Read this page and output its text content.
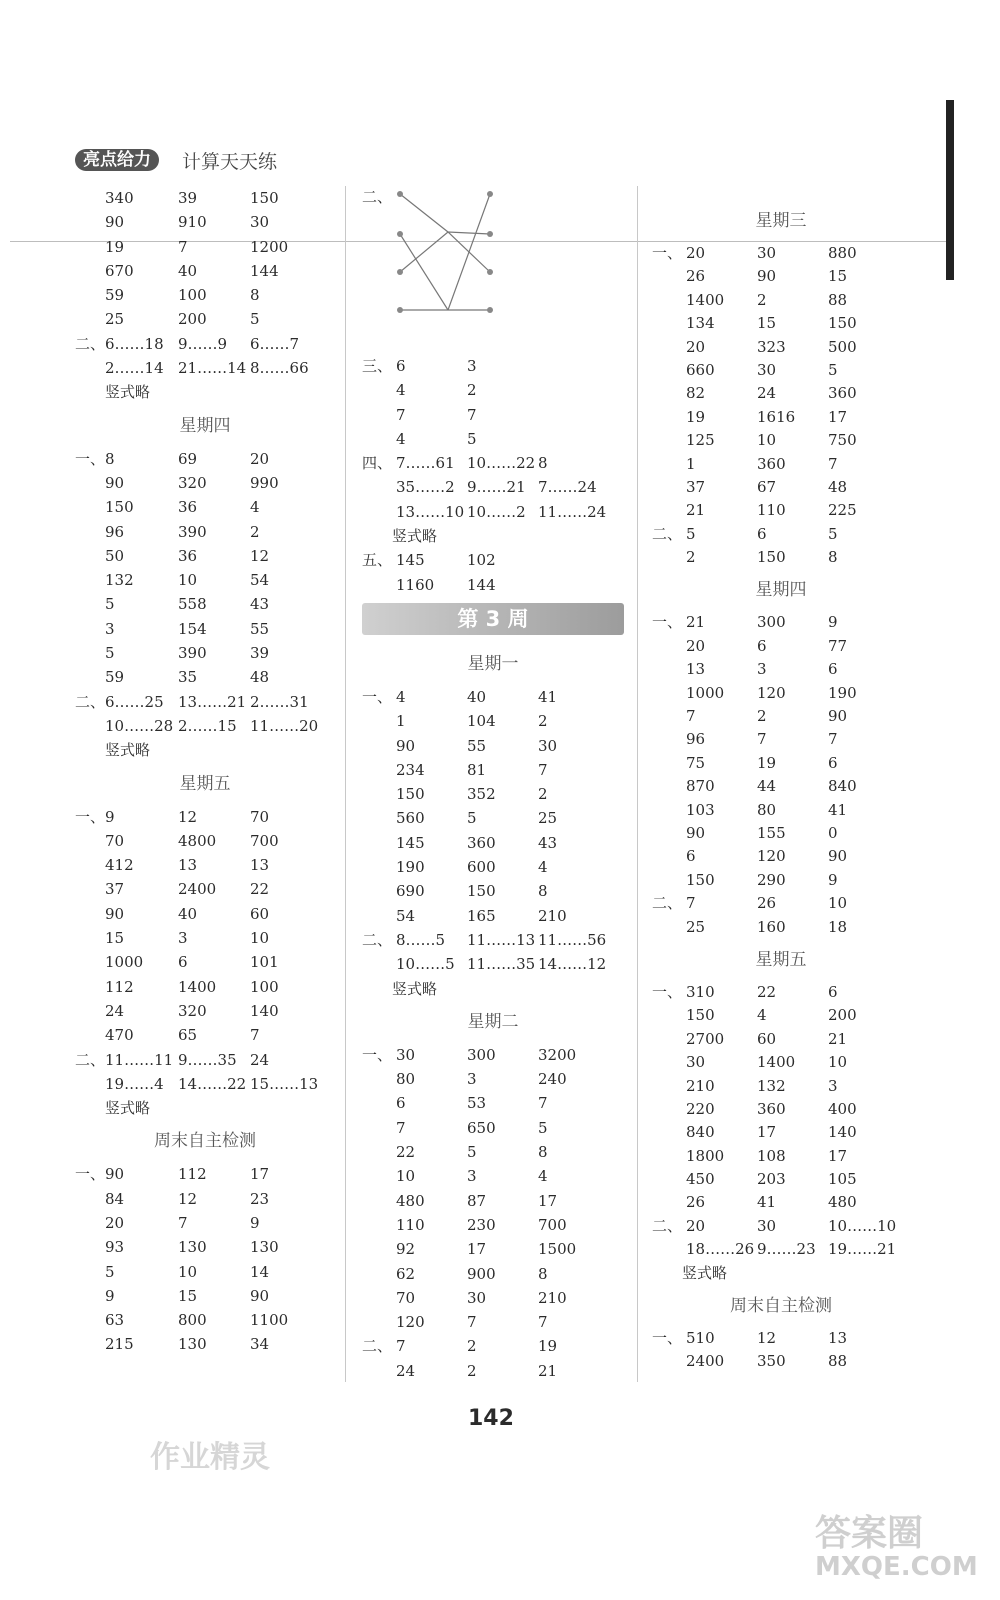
亮点给力	计算天天练
340	39	150
90	910	30
19	7	1200
670	40	144
59	100	8
25	200	5
二、 6……18 9……9 6……7
2……14 21……14 8……66
竖式略
星期四
一、 8	69	20
90	320	990
150	36	4
96	390	2
50	36	12
132	10	54
5	558	43
3	154	55
5	390	39
59	35	48
二、 6……25 13……21 2……31
10……28 2……15 11……20
竖式略
星期五
一、 9	12	70
70	4800 700
412	13	13
37	2400 22
90	40	60
15	3	10
1000 6	101
112	1400 100
24	320	140
470	65	7
二、 11……11 9……35 24
19……4 14……22 15……13
竖式略
周末自主检测
一、 90	112	17
84	12	23
20	7	9
93	130	130
5	10	14
9	15	90
63	800	1100
215	130	34
二、
三、 6	3
4	2
7	7
4	5
四、 7……61 10……22 8
35……2 9……21 7……24
13……10 10……2 11……24
竖式略
五、 145	102
1160 144
第 3 周
星期一
一、 4	40	41
1	104	2
90	55	30
234	81	7
150	352	2
560	5	25
145	360	43
190	600	4
690	150	8
54	165	210
二、 8……5 11……13 11……56
10……5 11……35 14……12
竖式略
星期二
一、 30	300	3200
80	3	240
6	53	7
7	650	5
22	5	8
10	3	4
480	87	17
110	230	700
92	17	1500
62	900	8
70	30	210
120	7	7
二、 7	2	19
24	2	21
星期三
一、 20	30	880
26	90	15
1400 2	88
134	15	150
20	323	500
660	30	5
82	24	360
19	1616 17
125	10	750
1	360	7
37	67	48
21	110	225
二、 5	6	5
2	150	8
星期四
一、 21	300	9
20	6	77
13	3	6
1000 120	190
7	2	90
96	7	7
75	19	6
870	44	840
103	80	41
90	155	0
6	120	90
150	290	9
二、 7	26	10
25	160	18
星期五
一、 310	22	6
150	4	200
2700 60	21
30	1400 10
210	132	3
220	360	400
840	17	140
1800 108	17
450	203	105
26	41	480
二、 20	30	10……10
18……26 9……23 19……21
竖式略
周末自主检测
一、 510	12	13
2400 350	88
142
作业精灵
答案圈
MXQE.COM
